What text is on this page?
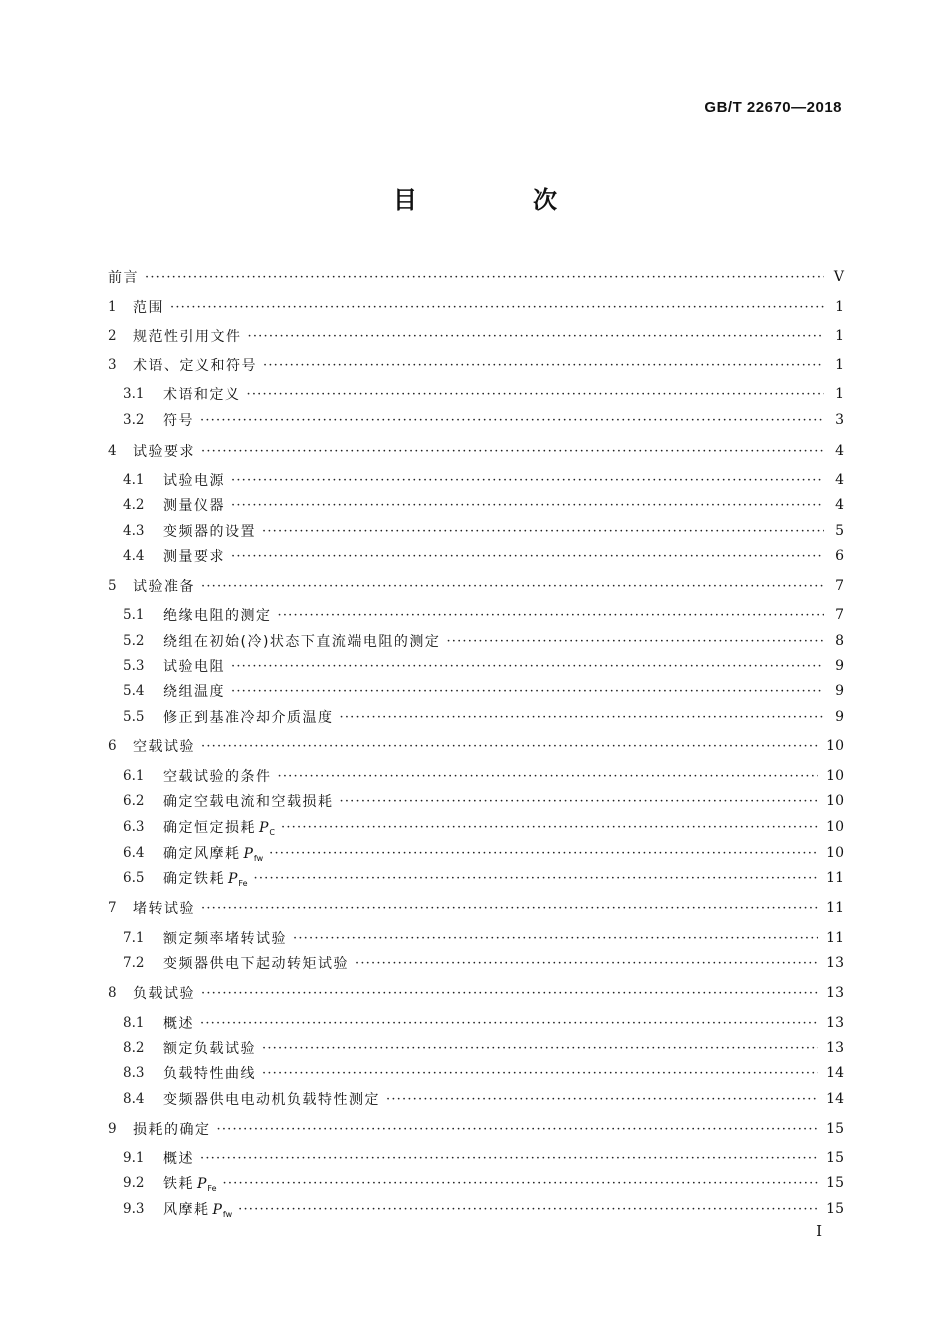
GB/T 22670—2018
目　次
前言 ·····	V
1	范围 ·····	1
2	规范性引用文件 ·····	1
3	术语、定义和符号 ·····	1
3.1	术语和定义 ·····	1
3.2	符号 ·····	3
4	试验要求 ·····	4
4.1	试验电源 ·····	4
4.2	测量仪器 ·····	4
4.3	变频器的设置 ·····	5
4.4	测量要求 ·····	6
5	试验准备 ·····	7
5.1	绝缘电阻的测定 ·····	7
5.2	绕组在初始(冷)状态下直流端电阻的测定 ·····	8
5.3	试验电阻 ·····	9
5.4	绕组温度 ·····	9
5.5	修正到基准冷却介质温度 ·····	9
6	空载试验 ·····	10
6.1	空载试验的条件 ·····	10
6.2	确定空载电流和空载损耗 ·····	10
6.3	确定恒定损耗 $P_C$ ·····	10
6.4	确定风摩耗 $P_{fw}$ ·····	10
6.5	确定铁耗 $P_{Fe}$ ·····	11
7	堵转试验 ·····	11
7.1	额定频率堵转试验 ·····	11
7.2	变频器供电下起动转矩试验 ·····	13
8	负载试验 ·····	13
8.1	概述 ·····	13
8.2	额定负载试验 ·····	13
8.3	负载特性曲线 ·····	14
8.4	变频器供电电动机负载特性测定 ·····	14
9	损耗的确定 ·····	15
9.1	概述 ·····	15
9.2	铁耗 $P_{Fe}$ ·····	15
9.3	风摩耗 $P_{fw}$ ·····	15
I
